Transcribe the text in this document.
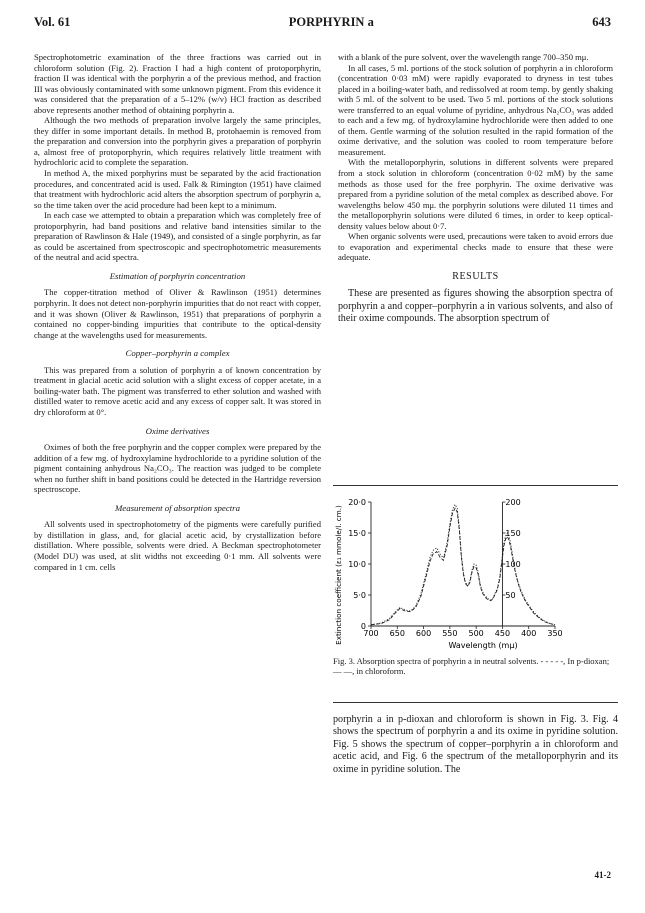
Vol. 61	PORPHYRIN a	643

Spectrophotometric examination of the three fractions was carried out in chloroform solution (Fig. 2). Fraction I had a high content of protoporphyrin, fraction II was identical with the porphyrin a of the previous method, and fraction III was obviously contaminated with some unknown pigment. From this evidence it was considered that the preparation of a 5–12% (w/v) HCl fraction as described above represents another method of obtaining porphyrin a.

Although the two methods of preparation involve largely the same principles, they differ in some important details. In method B, protohaemin is removed from the preparation and conversion into the porphyrin gives a preparation of porphyrin a, almost free of protoporphyrin, which requires relatively little treatment with hydrochloric acid to complete the separation.

In method A, the mixed porphyrins must be separated by the acid fractionation procedures, and concentrated acid is used. Falk & Rimington (1951) have claimed that treatment with hydrochloric acid alters the absorption spectrum of porphyrin a, so the time taken over the acid procedure had been kept to a minimum.

In each case we attempted to obtain a preparation which was completely free of protoporphyrin, had band positions and relative band intensities similar to the preparation of Rawlinson & Hale (1949), and consisted of a single porphyrin, as far as could be ascertained from spectroscopic and spectrophotometric measurements of the neutral and acid spectra.

Estimation of porphyrin concentration

The copper-titration method of Oliver & Rawlinson (1951) determines porphyrin. It does not detect non-porphyrin impurities that do not react with copper, and it was shown (Oliver & Rawlinson, 1951) that preparations of porphyrin a contained no copper-binding impurities that contribute to the optical-density change at the wavelengths used for measurements.

Copper–porphyrin a complex

This was prepared from a solution of porphyrin a of known concentration by treatment in glacial acetic acid solution with a slight excess of copper acetate, in a boiling-water bath. The pigment was transferred to ether solution and washed with distilled water to remove acetic acid and any excess of copper salt. It was stored in dry chloroform at 0°.

Oxime derivatives

Oximes of both the free porphyrin and the copper complex were prepared by the addition of a few mg. of hydroxylamine hydrochloride to a pyridine solution of the pigment containing anhydrous Na₂CO₃. The reaction was judged to be complete when no further shift in band positions could be detected in the Hartridge reversion spectroscope.

Measurement of absorption spectra

All solvents used in spectrophotometry of the pigments were carefully purified by distillation in glass, and, for glacial acetic acid, by crystallization before distillation. Where possible, solvents were dried. A Beckman spectrophotometer (Model DU) was used, at slit widths not exceeding 0·1 mm. All solvents were compared in 1 cm. cells

with a blank of the pure solvent, over the wavelength range 700–350 mμ.

In all cases, 5 ml. portions of the stock solution of porphyrin a in chloroform (concentration 0·03 mM) were rapidly evaporated to dryness in test tubes placed in a boiling-water bath, and redissolved at room temp. by gently shaking with 5 ml. of the solvent to be used. Two 5 ml. portions of the stock solutions were transferred to an equal volume of pyridine, anhydrous Na₂CO₃ was added to each and a few mg. of hydroxylamine hydrochloride were then added to one of them. Gentle warming of the solution resulted in the rapid formation of the oxime derivative, and the solution was cooled to room temperature before measurement.

With the metalloporphyrin, solutions in different solvents were prepared from a stock solution in chloroform (concentration 0·02 mM) by the same methods as those used for the free porphyrin. The oxime derivative was prepared from a pyridine solution of the metal complex as described above. For wavelengths below 450 mμ. the porphyrin solutions were diluted 11 times and the metalloporphyrin solutions were diluted 6 times, in order to keep optical-density values below about 0·7.

When organic solvents were used, precautions were taken to avoid errors due to evaporation and experimental checks made to ensure that these were adequate.

RESULTS

These are presented as figures showing the absorption spectra of porphyrin a and copper–porphyrin a in various solvents, and also of their oxime compounds. The absorption spectrum of

700 650 600 550 500 450 400 350
0
5·0
10·0
15·0
20·0
50
100
150
200
Wavelength (mμ)
Extinction coefficient (ε₁ mmole/l. cm.)
Fig. 3. Absorption spectra of porphyrin a in neutral solvents. - - - - -, In p-dioxan; — —, in chloroform.
porphyrin a in p-dioxan and chloroform is shown in Fig. 3. Fig. 4 shows the spectrum of porphyrin a and its oxime in pyridine solution. Fig. 5 shows the spectrum of copper–porphyrin a in chloroform and acetic acid, and Fig. 6 the spectrum of the metalloporphyrin and its oxime in pyridine solution. The
41-2
